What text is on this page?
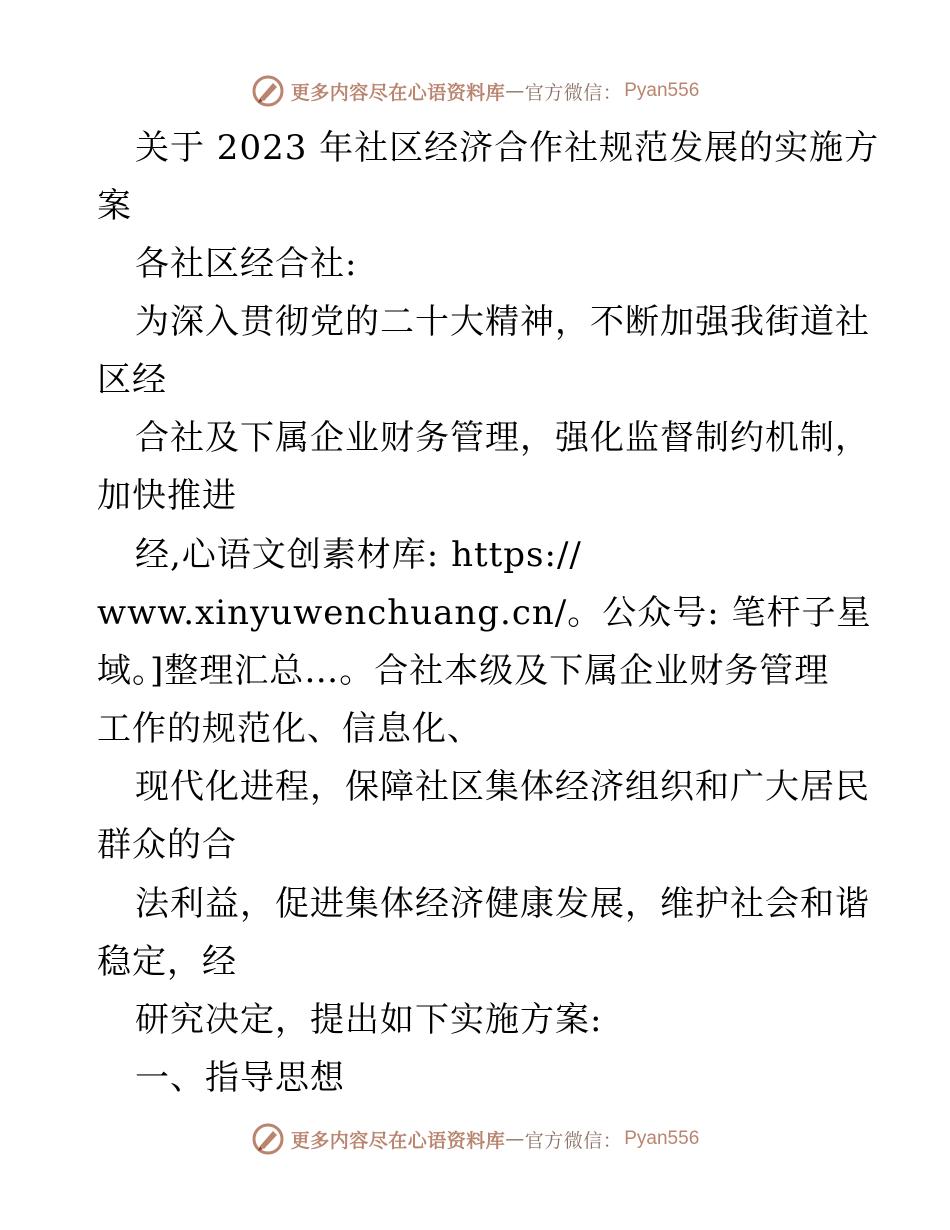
更多内容尽在心语资料库 — 官方微信： Pyan556
关于 2023 年社区经济合作社规范发展的实施方
案
各社区经合社:
为深入贯彻党的二十大精神，不断加强我街道社
区经
合社及下属企业财务管理，强化监督制约机制，
加快推进
经,心语文创素材库: https://
www.xinyuwenchuang.cn/。公众号: 笔杆子星
域。]整理汇总…。合社本级及下属企业财务管理
工作的规范化、信息化、
现代化进程，保障社区集体经济组织和广大居民
群众的合
法利益，促进集体经济健康发展，维护社会和谐
稳定，经
研究决定，提出如下实施方案:
一、指导思想
更多内容尽在心语资料库 — 官方微信： Pyan556
